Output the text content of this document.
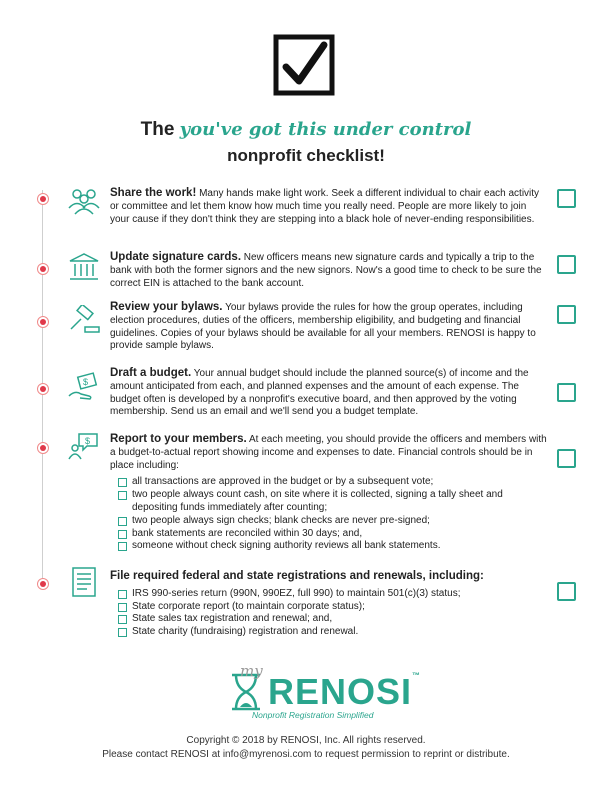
The you've got this under control
nonprofit checklist!
Share the work! Many hands make light work. Seek a different individual to chair each activity or committee and let them know how much time you really need. People are more likely to join your cause if they don't think they are stepping into a black hole of never-ending responsibilities.
Update signature cards. New officers means new signature cards and typically a trip to the bank with both the former signors and the new signors. Now's a good time to check to be sure the correct EIN is attached to the bank account.
Review your bylaws. Your bylaws provide the rules for how the group operates, including election procedures, duties of the officers, membership eligibility, and budgeting and financial guidelines. Copies of your bylaws should be available for all your members. RENOSI is happy to provide sample bylaws.
$
Draft a budget. Your annual budget should include the planned source(s) of income and the amount anticipated from each, and planned expenses and the amount of each expense. The budget often is developed by a nonprofit's executive board, and then approved by the voting membership. Send us an email and we'll send you a budget template.
$ Report to your members. At each meeting, you should provide the officers and members with a budget-to-actual report showing income and expenses to date. Financial controls should be in place including:
all transactions are approved in the budget or by a subsequent vote;
two people always count cash, on site where it is collected, signing a tally sheet and depositing funds immediately after counting;
two people always sign checks; blank checks are never pre-signed;
bank statements are reconciled within 30 days; and,
someone without check signing authority reviews all bank statements.
File required federal and state registrations and renewals, including:
IRS 990-series return (990N, 990EZ, full 990) to maintain 501(c)(3) status;
State corporate report (to maintain corporate status);
State sales tax registration and renewal; and,
State charity (fundraising) registration and renewal.
my RENOSI™
Nonprofit Registration Simplified
Copyright © 2018 by RENOSI, Inc. All rights reserved.
Please contact RENOSI at info@myrenosi.com to request permission to reprint or distribute.
